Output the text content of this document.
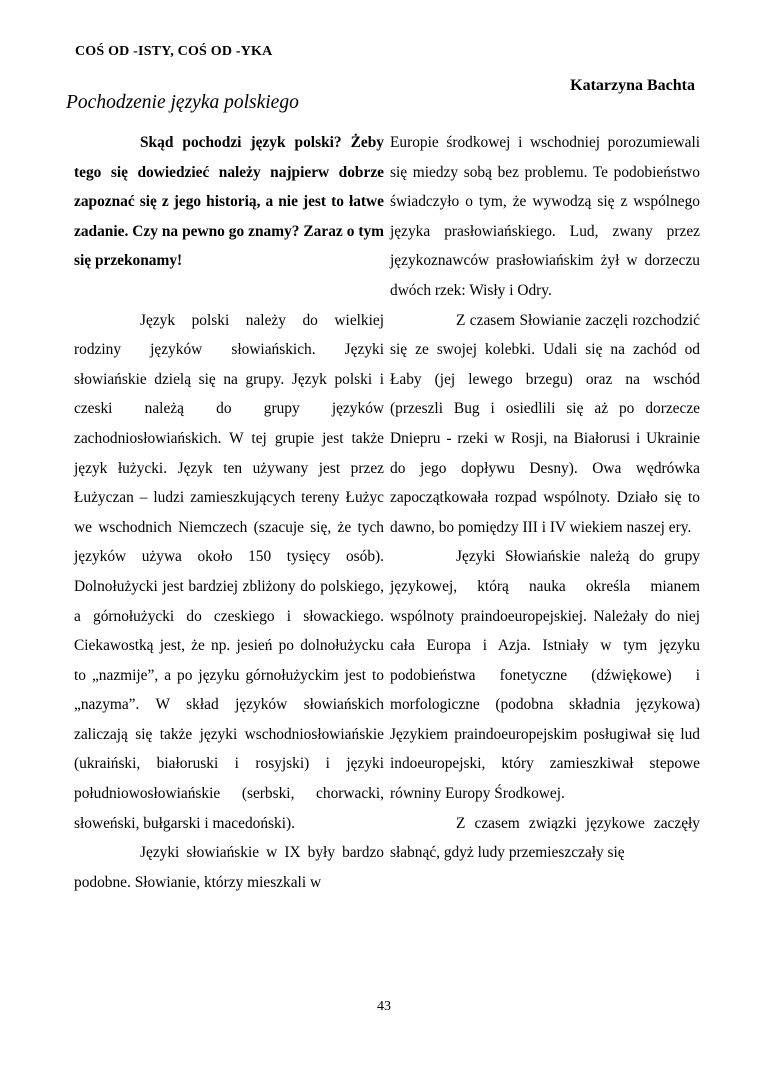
COŚ OD -ISTY, COŚ OD -YKA
Katarzyna Bachta
Pochodzenie języka polskiego

Skąd pochodzi język polski? Żeby tego się dowiedzieć należy najpierw dobrze zapoznać się z jego historią, a nie jest to łatwe zadanie. Czy na pewno go znamy? Zaraz o tym się przekonamy!

Język polski należy do wielkiej rodziny języków słowiańskich. Języki słowiańskie dzielą się na grupy. Język polski i czeski należą do grupy języków zachodniosłowiańskich. W tej grupie jest także język łużycki. Język ten używany jest przez Łużyczan – ludzi zamieszkujących tereny Łużyc we wschodnich Niemczech (szacuje się, że tych języków używa około 150 tysięcy osób). Dolnołużycki jest bardziej zbliżony do polskiego, a górnołużycki do czeskiego i słowackiego. Ciekawostką jest, że np. jesień po dolnołużycku to „nazmije”, a po języku górnołużyckim jest to „nazyma”. W skład języków słowiańskich zaliczają się także języki wschodniosłowiańskie (ukraiński, białoruski i rosyjski) i języki południowosłowiańskie (serbski, chorwacki, słoweński, bułgarski i macedoński).

Języki słowiańskie w IX były bardzo podobne. Słowianie, którzy mieszkali w

Europie środkowej i wschodniej porozumiewali się miedzy sobą bez problemu. Te podobieństwo świadczyło o tym, że wywodzą się z wspólnego języka prasłowiańskiego. Lud, zwany przez językoznawców prasłowiańskim żył w dorzeczu dwóch rzek: Wisły i Odry.

Z czasem Słowianie zaczęli rozchodzić się ze swojej kolebki. Udali się na zachód od Łaby (jej lewego brzegu) oraz na wschód (przeszli Bug i osiedlili się aż po dorzecze Dniepru - rzeki w Rosji, na Białorusi i Ukrainie do jego dopływu Desny). Owa wędrówka zapoczątkowała rozpad wspólnoty. Działo się to dawno, bo pomiędzy III i IV wiekiem naszej ery.

Języki Słowiańskie należą do grupy językowej, którą nauka określa mianem wspólnoty praindoeuropejskiej. Należały do niej cała Europa i Azja. Istniały w tym języku podobieństwa fonetyczne (dźwiękowe) i morfologiczne (podobna składnia językowa) Językiem praindoeuropejskim posługiwał się lud indoeuropejski, który zamieszkiwał stepowe równiny Europy Środkowej.

Z czasem związki językowe zaczęły słabnąć, gdyż ludy przemieszczały się

43
